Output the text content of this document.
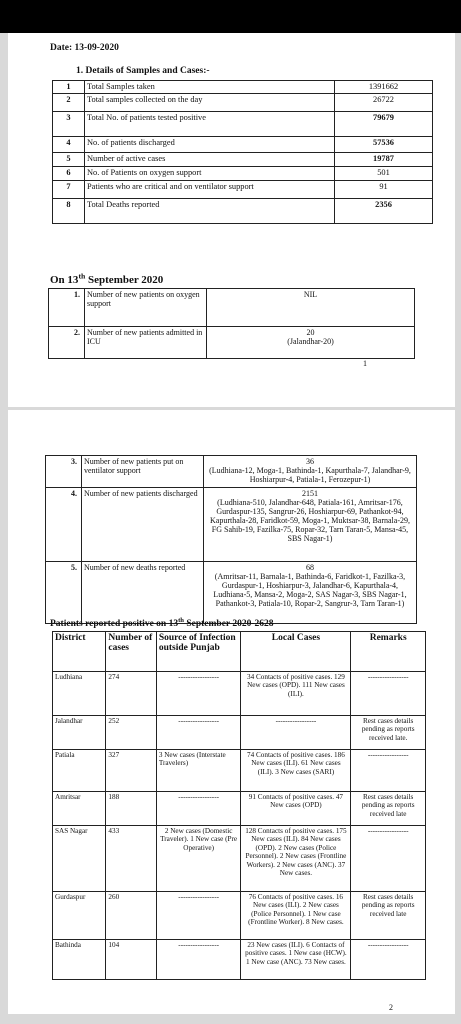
Date: 13-09-2020
1. Details of Samples and Cases:-
1	Total Samples taken	1391662
2	Total samples collected on the day	26722
3	Total No. of patients tested positive	79679
4	No. of patients discharged	57536
5	Number of active cases	19787
6	No. of Patients on oxygen support	501
7	Patients who are critical and on ventilator support	91
8	Total Deaths reported	2356
On 13th September 2020
1.	Number of new patients on oxygen support	NIL

2.	Number of new patients admitted in ICU	20
(Jalandhar-20)
1
3.	Number of new patients put on ventilator support	36
(Ludhiana-12, Moga-1, Bathinda-1, Kapurthala-7, Jalandhar-9, Hoshiarpur-4, Patiala-1, Ferozepur-1)

4.	Number of new patients discharged	2151
(Ludhiana-510, Jalandhar-648, Patiala-161, Amritsar-176, Gurdaspur-135, Sangrur-26, Hoshiarpur-69, Pathankot-94, Kapurthala-28, Faridkot-59, Moga-1, Muktsar-38, Barnala-29, FG Sahib-19, Fazilka-75, Ropar-32, Tarn Taran-5, Mansa-45, SBS Nagar-1)

5.	Number of new deaths reported	68
(Amritsar-11, Barnala-1, Bathinda-6, Faridkot-1, Fazilka-3, Gurdaspur-1, Hoshiarpur-3, Jalandhar-6, Kapurthala-4, Ludhiana-5, Mansa-2, Moga-2, SAS Nagar-3, SBS Nagar-1, Pathankot-3, Patiala-10, Ropar-2, Sangrur-3, Tarn Taran-1)
Patients reported positive on 13th September 2020-2628
District	Number of cases	Source of Infection outside Punjab	Local Cases	Remarks
Ludhiana	274	-----------------	34 Contacts of positive cases. 129 New cases (OPD). 111 New cases (ILI).	-----------------
Jalandhar	252	-----------------	-----------------	Rest cases details pending as reports received late.
Patiala	327	3 New cases (Interstate Travelers)	74 Contacts of positive cases. 186 New cases (ILI). 61 New cases (ILI). 3 New cases (SARI)	-----------------
Amritsar	188	-----------------	91 Contacts of positive cases. 47 New cases (OPD)	Rest cases details pending as reports received late
SAS Nagar	433	2 New cases (Domestic Traveler). 1 New case (Pre Operative)	128 Contacts of positive cases. 175 New cases (ILI). 84 New cases (OPD). 2 New cases (Police Personnel). 2 New cases (Frontline Workers). 2 New cases (ANC). 37 New cases.	-----------------
Gurdaspur	260	-----------------	76 Contacts of positive cases. 16 New cases (ILI). 2 New cases (Police Personnel). 1 New case (Frontline Worker). 8 New cases.	Rest cases details pending as reports received late
Bathinda	104	-----------------	23 New cases (ILI). 6 Contacts of positive cases. 1 New case (HCW). 1 New case (ANC). 73 New cases.	-----------------
2
